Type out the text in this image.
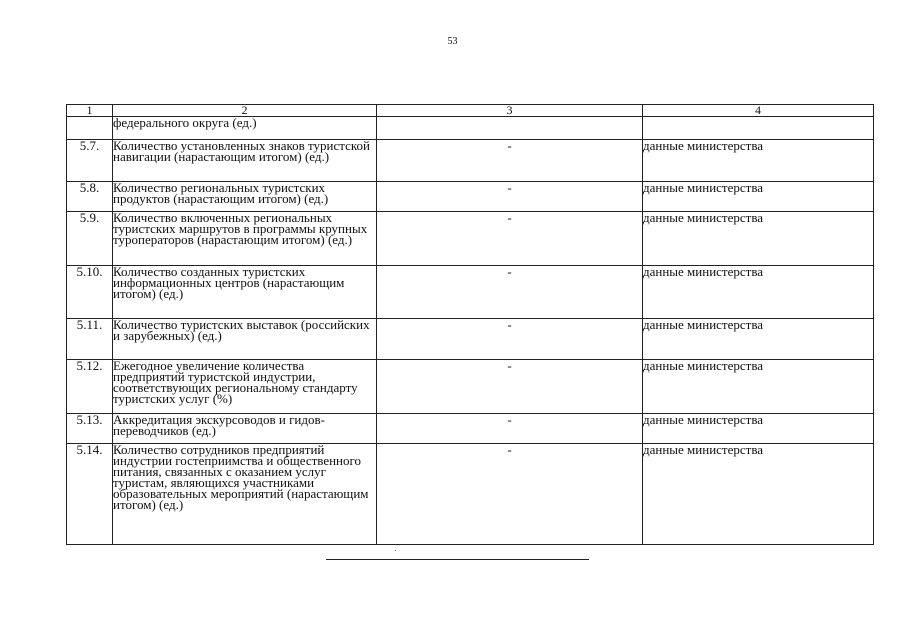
53
1	2	3	4
	федерального округа (ед.)		
5.7.	Количество установленных знаков туристской навигации (нарастающим итогом) (ед.)	-	данные министерства
5.8.	Количество региональных туристских продуктов (нарастающим итогом) (ед.)	-	данные министерства
5.9.	Количество включенных региональных туристских маршрутов в программы крупных туроператоров (нарастающим итогом) (ед.)	-	данные министерства
5.10.	Количество созданных туристских информационных центров (нарастающим итогом) (ед.)	-	данные министерства
5.11.	Количество туристских выставок (российских и зарубежных) (ед.)	-	данные министерства
5.12.	Ежегодное увеличение количества предприятий туристской индустрии, соответствующих региональному стандарту туристских услуг (%)	-	данные министерства
5.13.	Аккредитация экскурсоводов и гидов-переводчиков (ед.)	-	данные министерства
5.14.	Количество сотрудников предприятий индустрии гостеприимства и общественного питания, связанных с оказанием услуг туристам, являющихся участниками образовательных мероприятий (нарастающим итогом) (ед.)	-	данные министерства
